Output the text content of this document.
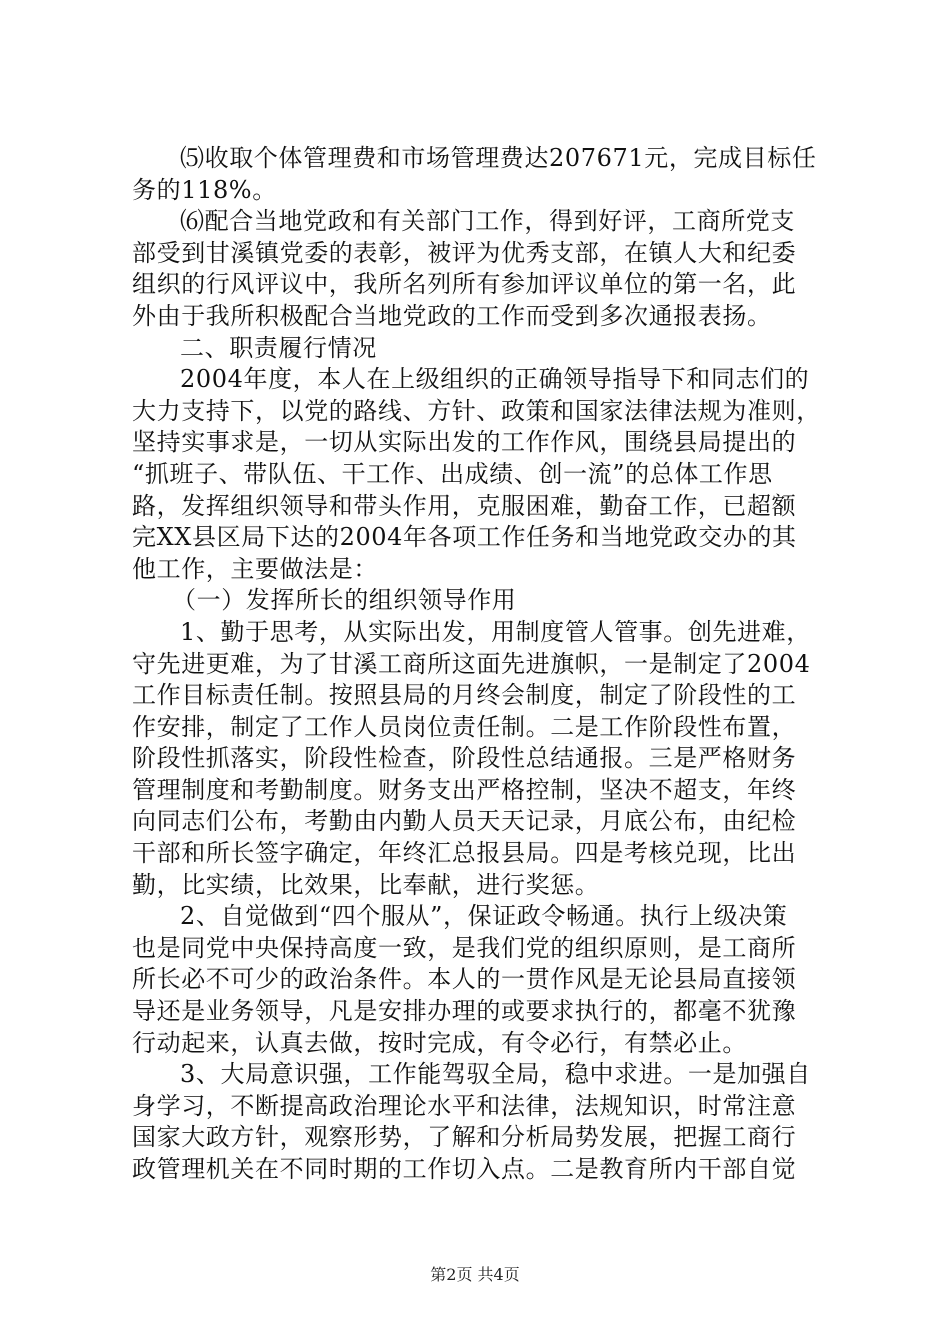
⑸收取个体管理费和市场管理费达207671元，完成目标任
务的118%。
⑹配合当地党政和有关部门工作，得到好评，工商所党支
部受到甘溪镇党委的表彰，被评为优秀支部，在镇人大和纪委
组织的行风评议中，我所名列所有参加评议单位的第一名，此
外由于我所积极配合当地党政的工作而受到多次通报表扬。
二、职责履行情况
2004年度，本人在上级组织的正确领导指导下和同志们的
大力支持下，以党的路线、方针、政策和国家法律法规为准则，
坚持实事求是，一切从实际出发的工作作风，围绕县局提出的
“抓班子、带队伍、干工作、出成绩、创一流”的总体工作思
路，发挥组织领导和带头作用，克服困难，勤奋工作，已超额
完XX县区局下达的2004年各项工作任务和当地党政交办的其
他工作，主要做法是：
（一）发挥所长的组织领导作用
1、勤于思考，从实际出发，用制度管人管事。创先进难，
守先进更难，为了甘溪工商所这面先进旗帜，一是制定了2004
工作目标责任制。按照县局的月终会制度，制定了阶段性的工
作安排，制定了工作人员岗位责任制。二是工作阶段性布置，
阶段性抓落实，阶段性检查，阶段性总结通报。三是严格财务
管理制度和考勤制度。财务支出严格控制，坚决不超支，年终
向同志们公布，考勤由内勤人员天天记录，月底公布，由纪检
干部和所长签字确定，年终汇总报县局。四是考核兑现，比出
勤，比实绩，比效果，比奉献，进行奖惩。
2、自觉做到“四个服从”，保证政令畅通。执行上级决策
也是同党中央保持高度一致，是我们党的组织原则，是工商所
所长必不可少的政治条件。本人的一贯作风是无论县局直接领
导还是业务领导，凡是安排办理的或要求执行的，都毫不犹豫
行动起来，认真去做，按时完成，有令必行，有禁必止。
3、大局意识强，工作能驾驭全局，稳中求进。一是加强自
身学习，不断提高政治理论水平和法律，法规知识，时常注意
国家大政方针，观察形势，了解和分析局势发展，把握工商行
政管理机关在不同时期的工作切入点。二是教育所内干部自觉
第2页 共4页
